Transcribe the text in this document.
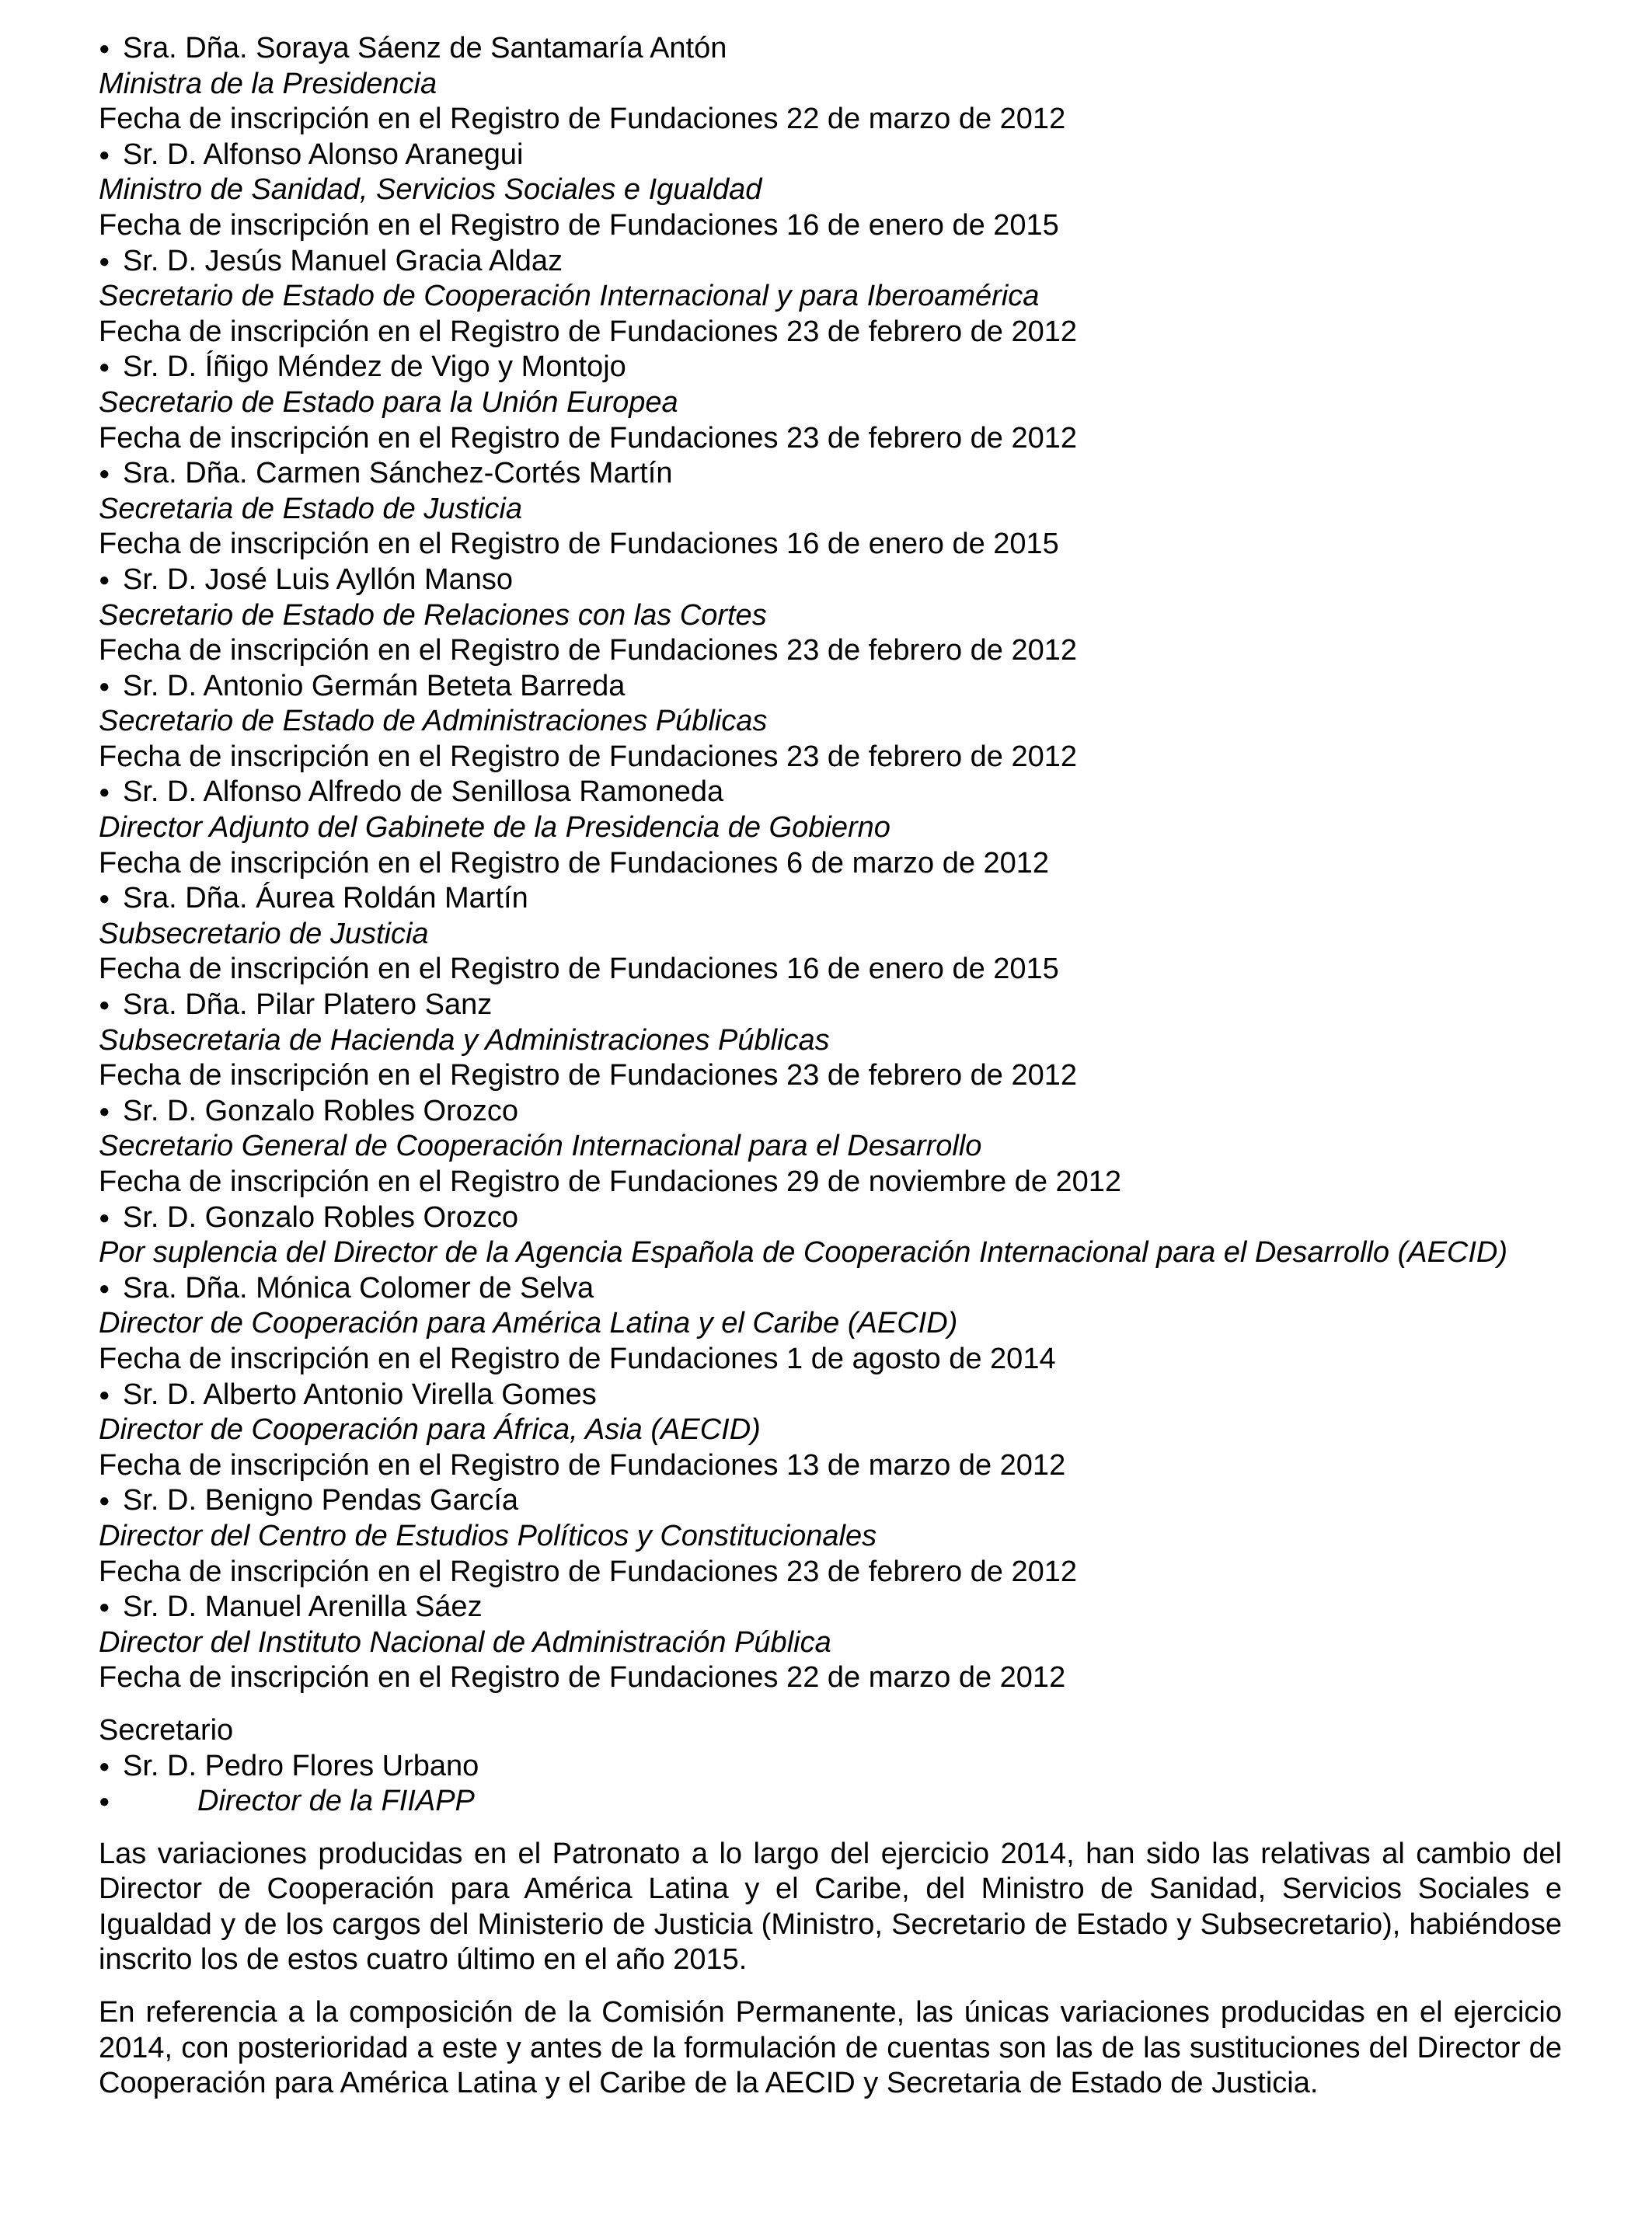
● Sra. Dña. Soraya Sáenz de Santamaría Antón
Ministra de la Presidencia
Fecha de inscripción en el Registro de Fundaciones 22 de marzo de 2012
● Sr. D. Alfonso Alonso Aranegui
Ministro de Sanidad, Servicios Sociales e Igualdad
Fecha de inscripción en el Registro de Fundaciones 16 de enero de 2015
● Sr. D. Jesús Manuel Gracia Aldaz
Secretario de Estado de Cooperación Internacional y para Iberoamérica
Fecha de inscripción en el Registro de Fundaciones 23 de febrero de 2012
● Sr. D. Íñigo Méndez de Vigo y Montojo
Secretario de Estado para la Unión Europea
Fecha de inscripción en el Registro de Fundaciones 23 de febrero de 2012
● Sra. Dña. Carmen Sánchez-Cortés Martín
Secretaria de Estado de Justicia
Fecha de inscripción en el Registro de Fundaciones 16 de enero de 2015
● Sr. D. José Luis Ayllón Manso
Secretario de Estado de Relaciones con las Cortes
Fecha de inscripción en el Registro de Fundaciones 23 de febrero de 2012
● Sr. D. Antonio Germán Beteta Barreda
Secretario de Estado de Administraciones Públicas
Fecha de inscripción en el Registro de Fundaciones 23 de febrero de 2012
● Sr. D. Alfonso Alfredo de Senillosa Ramoneda
Director Adjunto del Gabinete de la Presidencia de Gobierno
Fecha de inscripción en el Registro de Fundaciones 6 de marzo de 2012
● Sra. Dña. Áurea Roldán Martín
Subsecretario de Justicia
Fecha de inscripción en el Registro de Fundaciones 16 de enero de 2015
● Sra. Dña. Pilar Platero Sanz
Subsecretaria de Hacienda y Administraciones Públicas
Fecha de inscripción en el Registro de Fundaciones 23 de febrero de 2012
● Sr. D. Gonzalo Robles Orozco
Secretario General de Cooperación Internacional para el Desarrollo
Fecha de inscripción en el Registro de Fundaciones 29 de noviembre de 2012
● Sr. D. Gonzalo Robles Orozco
Por suplencia del Director de la Agencia Española de Cooperación Internacional para el Desarrollo (AECID)
● Sra. Dña. Mónica Colomer de Selva
Director de Cooperación para América Latina y el Caribe (AECID)
Fecha de inscripción en el Registro de Fundaciones 1 de agosto de 2014
● Sr. D. Alberto Antonio Virella Gomes
Director de Cooperación para África, Asia (AECID)
Fecha de inscripción en el Registro de Fundaciones 13 de marzo de 2012
● Sr. D. Benigno Pendas García
Director del Centro de Estudios Políticos y Constitucionales
Fecha de inscripción en el Registro de Fundaciones 23 de febrero de 2012
● Sr. D. Manuel Arenilla Sáez
Director del Instituto Nacional de Administración Pública
Fecha de inscripción en el Registro de Fundaciones 22 de marzo de 2012
Secretario
● Sr. D. Pedro Flores Urbano
●	Director de la FIIAPP
Las variaciones producidas en el Patronato a lo largo del ejercicio 2014, han sido las relativas al cambio del Director de Cooperación para América Latina y el Caribe, del Ministro de Sanidad, Servicios Sociales e Igualdad y de los cargos del Ministerio de Justicia (Ministro, Secretario de Estado y Subsecretario), habiéndose inscrito los de estos cuatro último en el año 2015.
En referencia a la composición de la Comisión Permanente, las únicas variaciones producidas en el ejercicio 2014, con posterioridad a este y antes de la formulación de cuentas son las de las sustituciones del Director de Cooperación para América Latina y el Caribe de la AECID y Secretaria de Estado de Justicia.
